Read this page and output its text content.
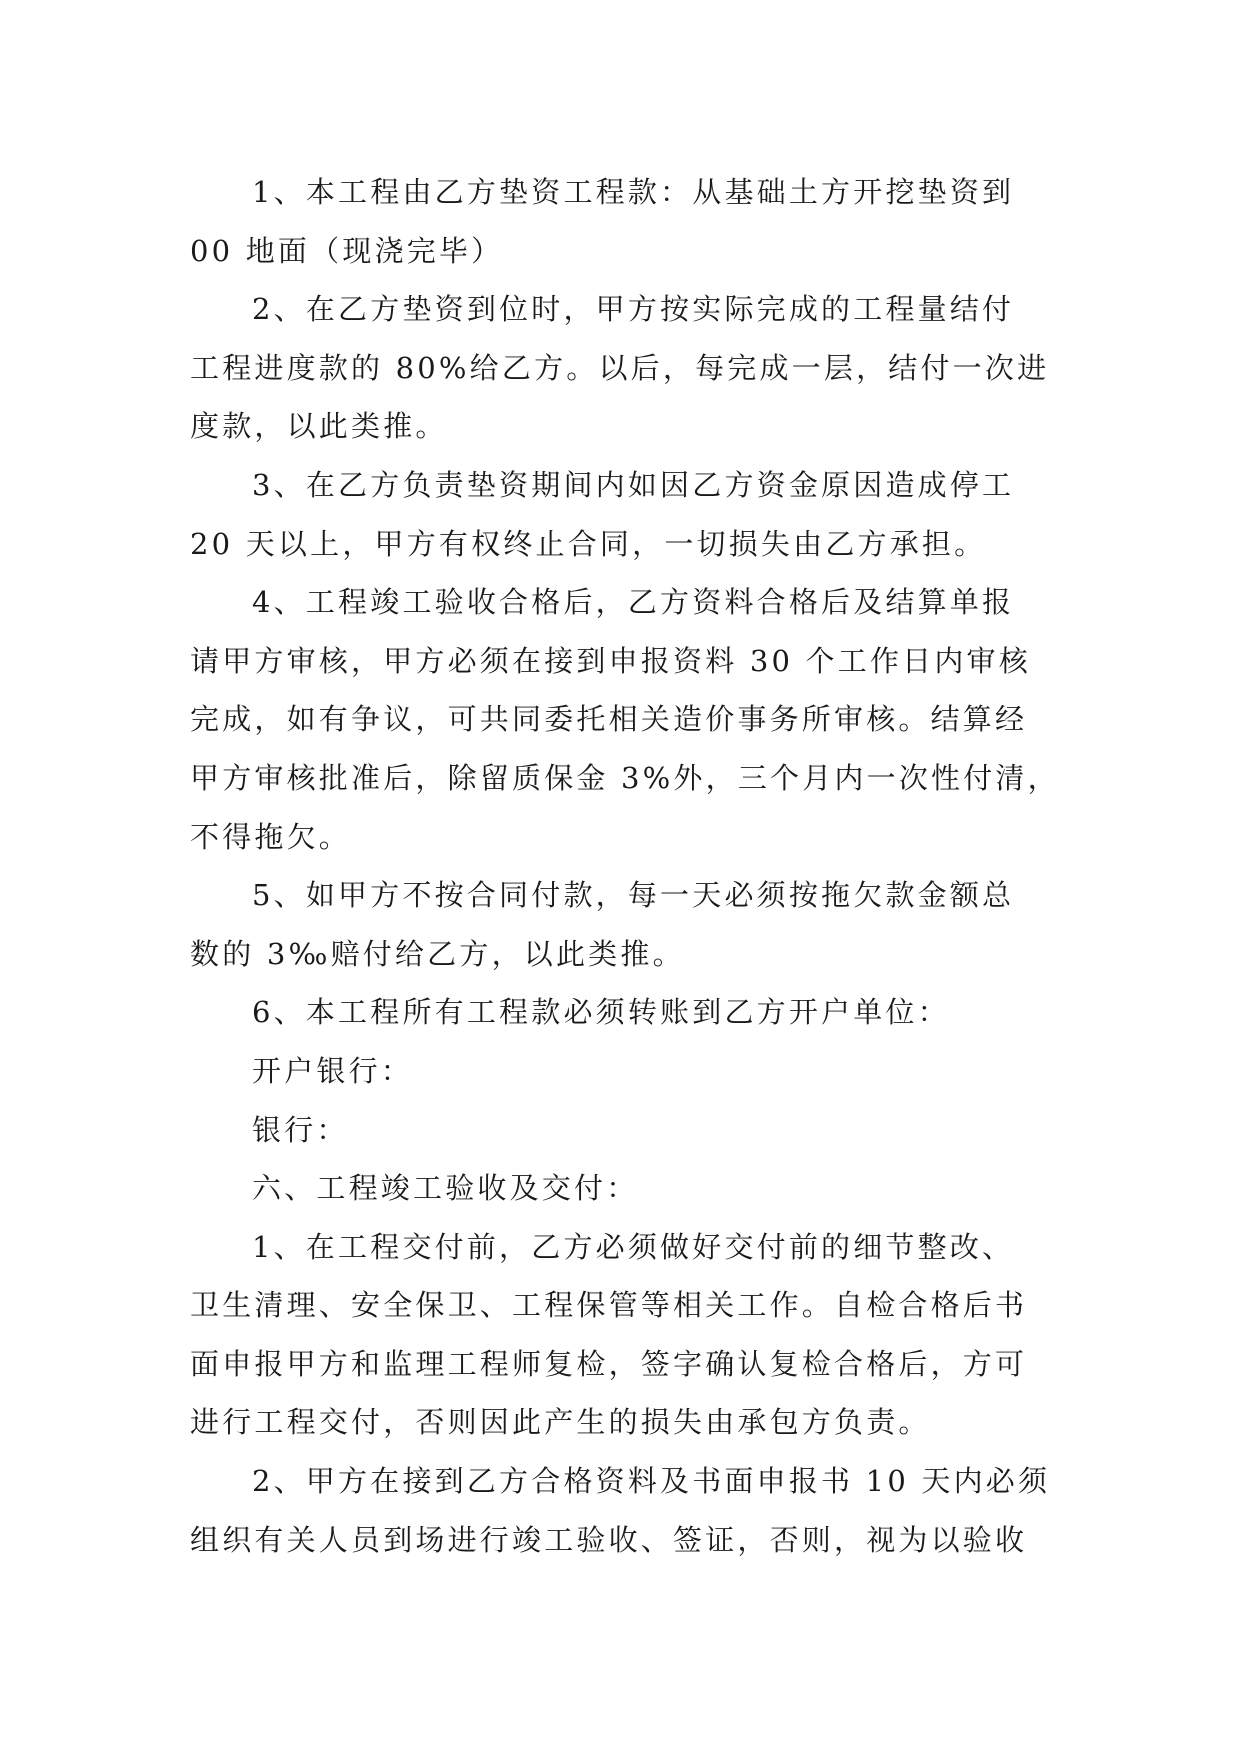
1、本工程由乙方垫资工程款：从基础土方开挖垫资到
00 地面（现浇完毕）
2、在乙方垫资到位时，甲方按实际完成的工程量结付
工程进度款的 80%给乙方。以后，每完成一层，结付一次进
度款，以此类推。
3、在乙方负责垫资期间内如因乙方资金原因造成停工
20 天以上，甲方有权终止合同，一切损失由乙方承担。
4、工程竣工验收合格后，乙方资料合格后及结算单报
请甲方审核，甲方必须在接到申报资料 30 个工作日内审核
完成，如有争议，可共同委托相关造价事务所审核。结算经
甲方审核批准后，除留质保金 3%外，三个月内一次性付清，
不得拖欠。
5、如甲方不按合同付款，每一天必须按拖欠款金额总
数的 3‰赔付给乙方，以此类推。
6、本工程所有工程款必须转账到乙方开户单位：
开户银行：
银行：
六、工程竣工验收及交付：
1、在工程交付前，乙方必须做好交付前的细节整改、
卫生清理、安全保卫、工程保管等相关工作。自检合格后书
面申报甲方和监理工程师复检，签字确认复检合格后，方可
进行工程交付，否则因此产生的损失由承包方负责。
2、甲方在接到乙方合格资料及书面申报书 10 天内必须
组织有关人员到场进行竣工验收、签证，否则，视为以验收
